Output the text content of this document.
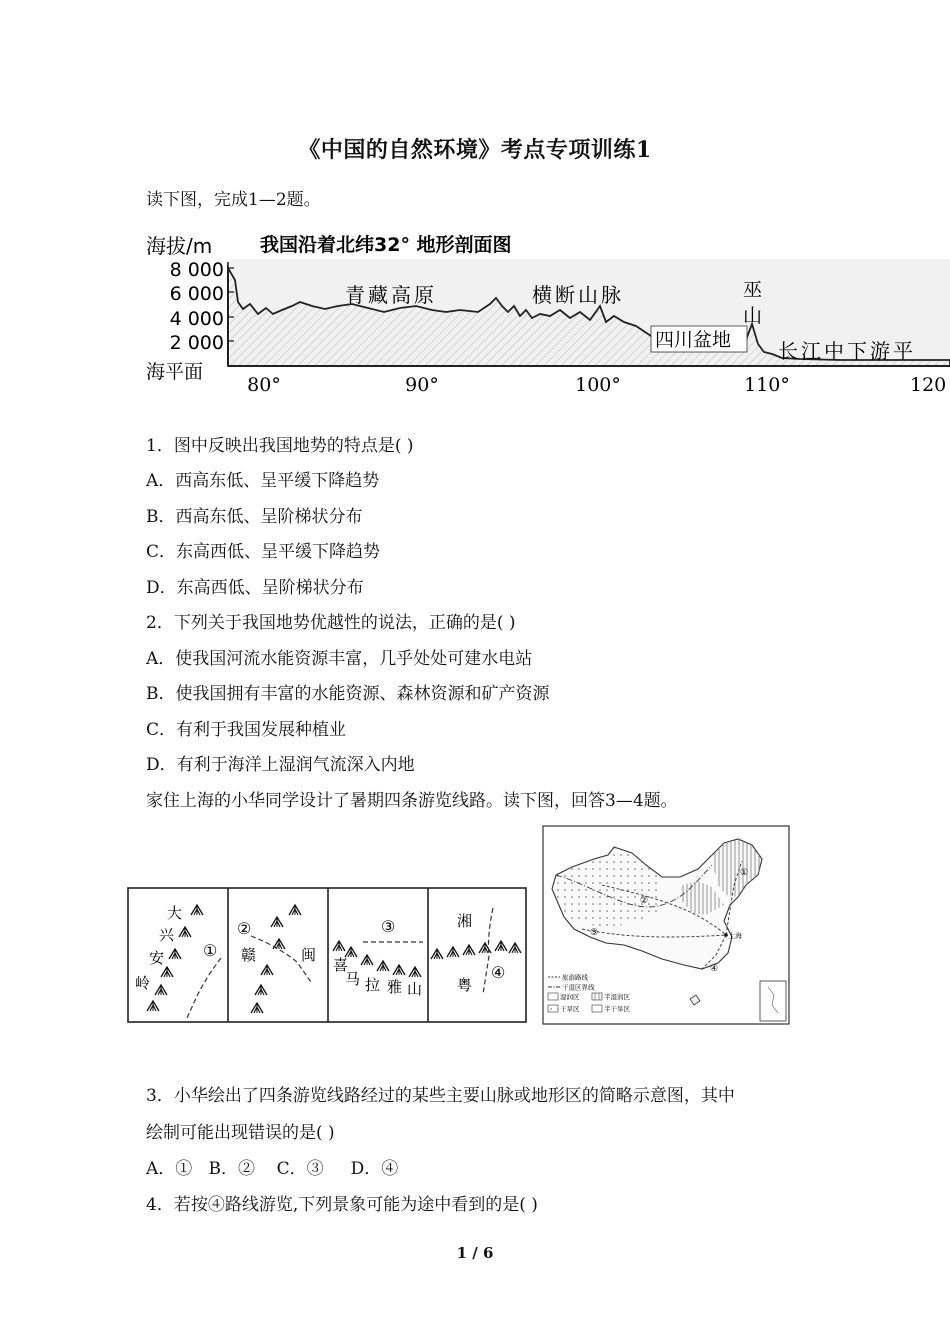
《中国的自然环境》考点专项训练1
读下图，完成1—2题。
海拔/m	我国沿着北纬32° 地形剖面图
8 000
6 000
4 000
2 000
海平面
80°	90°	100°	110°	120
青藏高原	横断山脉
四川盆地
巫
山
长江中下游平
1．图中反映出我国地势的特点是( )
A．西高东低、呈平缓下降趋势
B．西高东低、呈阶梯状分布
C．东高西低、呈平缓下降趋势
D．东高西低、呈阶梯状分布
2．下列关于我国地势优越性的说法，正确的是( )
A．使我国河流水能资源丰富，几乎处处可建水电站
B．使我国拥有丰富的水能资源、森林资源和矿产资源
C．有利于我国发展种植业
D．有利于海洋上湿润气流深入内地
家住上海的小华同学设计了暑期四条游览线路。读下图，回答3—4题。
大
兴
安
岭
①
②
赣	闽
③
喜
马 拉 雅 山
湘
④
粤
上海
①
②
③
④
旅游路线
干湿区界线
湿润区	半湿润区
干旱区	半干旱区
3．小华绘出了四条游览线路经过的某些主要山脉或地形区的简略示意图，其中
绘制可能出现错误的是( )
A．①   B．②    C．③     D．④
4．若按④路线游览,下列景象可能为途中看到的是( )
1 / 6
